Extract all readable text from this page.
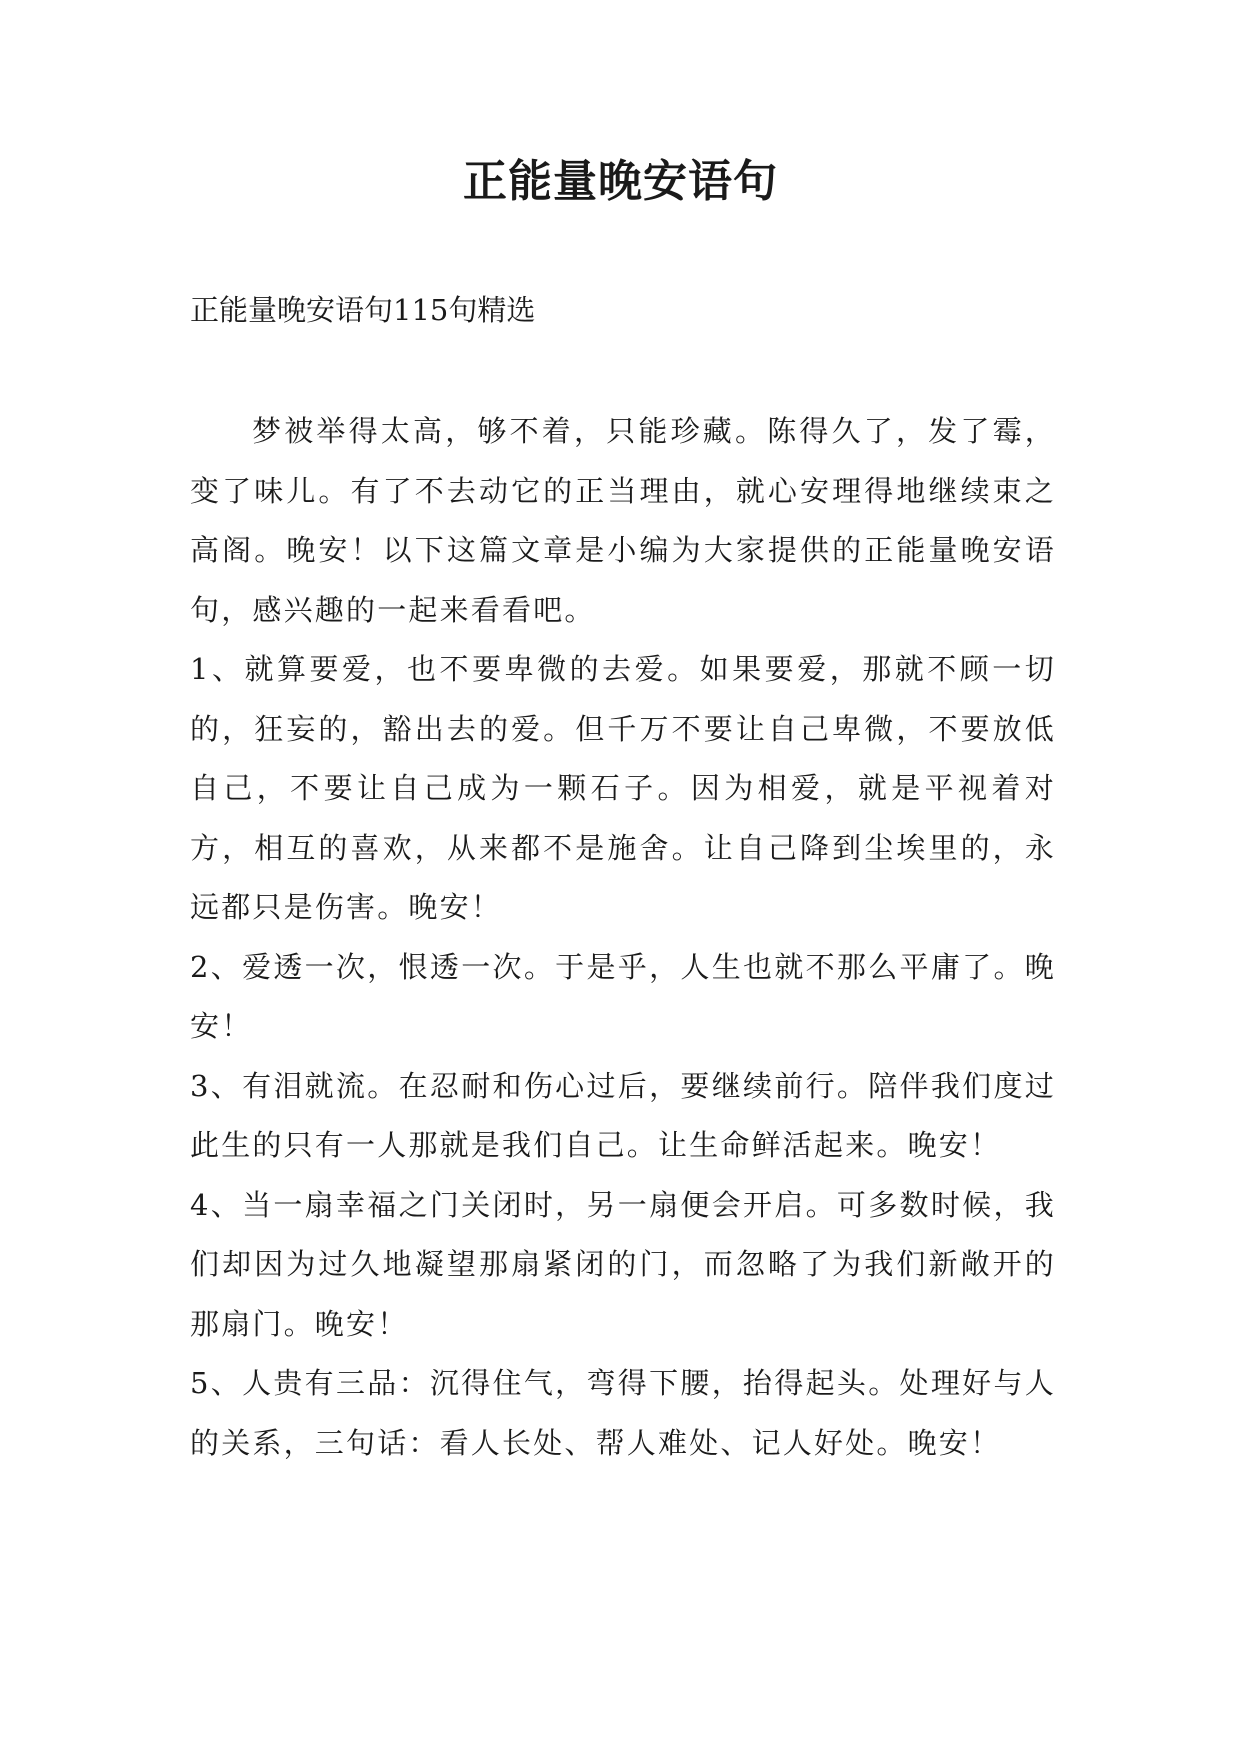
正能量晚安语句

正能量晚安语句115句精选

梦被举得太高，够不着，只能珍藏。陈得久了，发了霉，变了味儿。有了不去动它的正当理由，就心安理得地继续束之高阁。晚安！以下这篇文章是小编为大家提供的正能量晚安语句，感兴趣的一起来看看吧。

1、就算要爱，也不要卑微的去爱。如果要爱，那就不顾一切的，狂妄的，豁出去的爱。但千万不要让自己卑微，不要放低自己，不要让自己成为一颗石子。因为相爱，就是平视着对方，相互的喜欢，从来都不是施舍。让自己降到尘埃里的，永远都只是伤害。晚安！

2、爱透一次，恨透一次。于是乎，人生也就不那么平庸了。晚安！

3、有泪就流。在忍耐和伤心过后，要继续前行。陪伴我们度过此生的只有一人那就是我们自己。让生命鲜活起来。晚安！

4、当一扇幸福之门关闭时，另一扇便会开启。可多数时候，我们却因为过久地凝望那扇紧闭的门，而忽略了为我们新敞开的那扇门。晚安！

5、人贵有三品：沉得住气，弯得下腰，抬得起头。处理好与人的关系，三句话：看人长处、帮人难处、记人好处。晚安！
